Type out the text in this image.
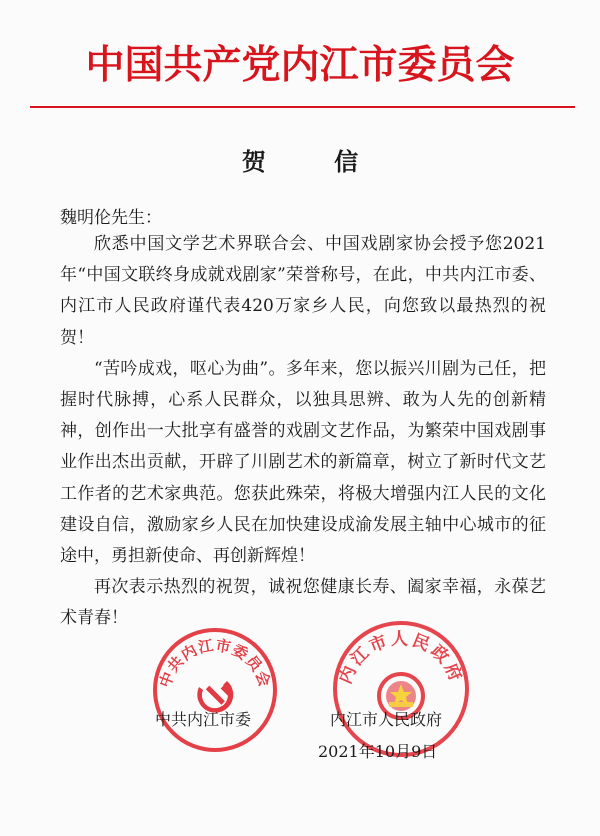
中国共产党内江市委员会
贺 信
魏明伦先生：

欣悉中国文学艺术界联合会、中国戏剧家协会授予您2021年“中国文联终身成就戏剧家”荣誉称号，在此，中共内江市委、内江市人民政府谨代表420万家乡人民，向您致以最热烈的祝贺！

“苦吟成戏，呕心为曲”。多年来，您以振兴川剧为己任，把握时代脉搏，心系人民群众，以独具思辨、敢为人先的创新精神，创作出一大批享有盛誉的戏剧文艺作品，为繁荣中国戏剧事业作出杰出贡献，开辟了川剧艺术的新篇章，树立了新时代文艺工作者的艺术家典范。您获此殊荣，将极大增强内江人民的文化建设自信，激励家乡人民在加快建设成渝发展主轴中心城市的征途中，勇担新使命、再创新辉煌！

再次表示热烈的祝贺，诚祝您健康长寿、阖家幸福，永葆艺术青春！

中共内江市委员会	内江市人民政府
中共内江市委	内江市人民政府
2021年10月9日
